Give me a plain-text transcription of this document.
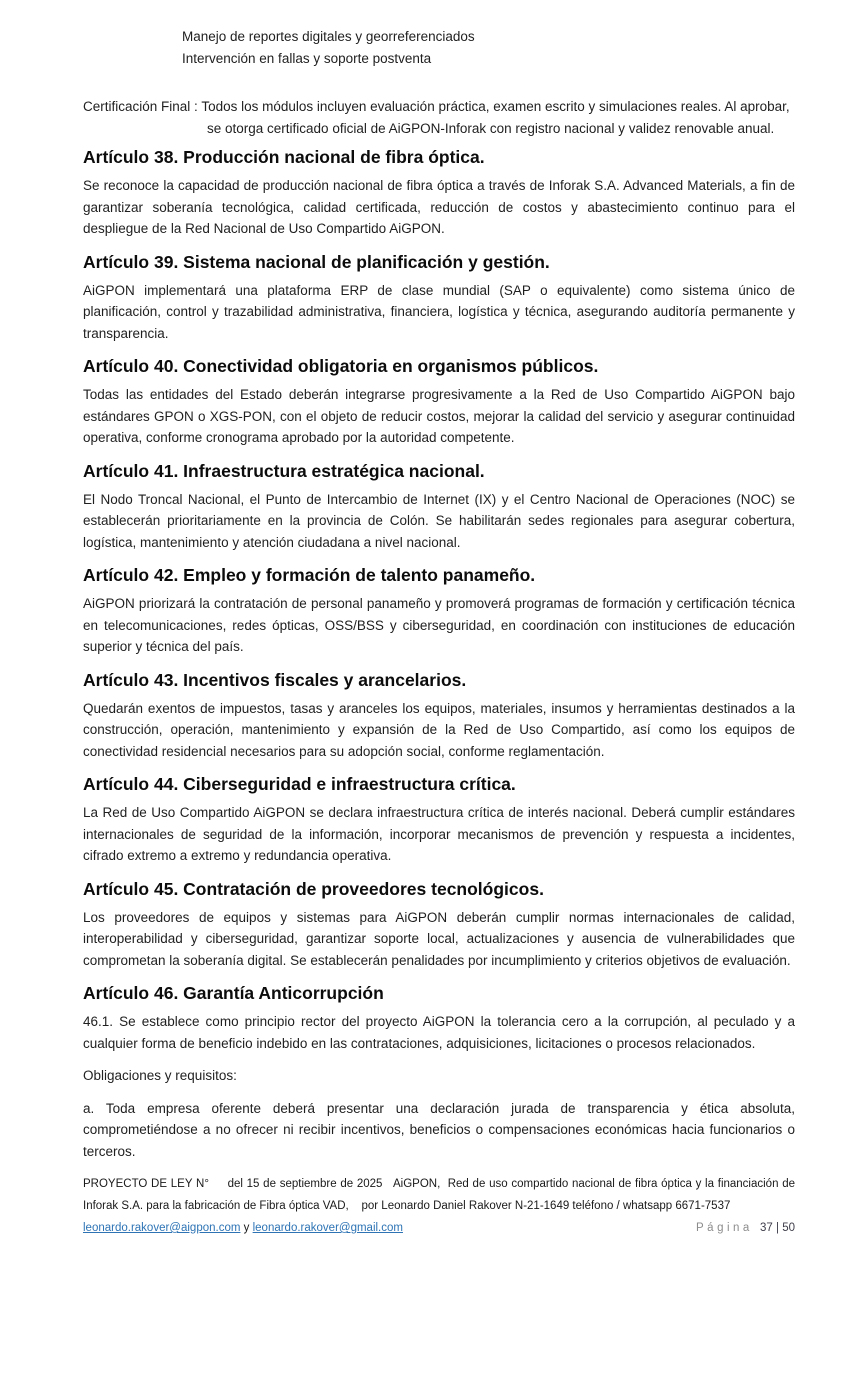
Manejo de reportes digitales y georreferenciados
Intervención en fallas y soporte postventa

Certificación Final : Todos los módulos incluyen evaluación práctica, examen escrito y simulaciones reales. Al aprobar, se otorga certificado oficial de AiGPON-Inforak con registro nacional y validez renovable anual.

Artículo 38. Producción nacional de fibra óptica.

Se reconoce la capacidad de producción nacional de fibra óptica a través de Inforak S.A. Advanced Materials, a fin de garantizar soberanía tecnológica, calidad certificada, reducción de costos y abastecimiento continuo para el despliegue de la Red Nacional de Uso Compartido AiGPON.

Artículo 39. Sistema nacional de planificación y gestión.

AiGPON implementará una plataforma ERP de clase mundial (SAP o equivalente) como sistema único de planificación, control y trazabilidad administrativa, financiera, logística y técnica, asegurando auditoría permanente y transparencia.

Artículo 40. Conectividad obligatoria en organismos públicos.

Todas las entidades del Estado deberán integrarse progresivamente a la Red de Uso Compartido AiGPON bajo estándares GPON o XGS-PON, con el objeto de reducir costos, mejorar la calidad del servicio y asegurar continuidad operativa, conforme cronograma aprobado por la autoridad competente.

Artículo 41. Infraestructura estratégica nacional.

El Nodo Troncal Nacional, el Punto de Intercambio de Internet (IX) y el Centro Nacional de Operaciones (NOC) se establecerán prioritariamente en la provincia de Colón. Se habilitarán sedes regionales para asegurar cobertura, logística, mantenimiento y atención ciudadana a nivel nacional.

Artículo 42. Empleo y formación de talento panameño.

AiGPON priorizará la contratación de personal panameño y promoverá programas de formación y certificación técnica en telecomunicaciones, redes ópticas, OSS/BSS y ciberseguridad, en coordinación con instituciones de educación superior y técnica del país.

Artículo 43. Incentivos fiscales y arancelarios.

Quedarán exentos de impuestos, tasas y aranceles los equipos, materiales, insumos y herramientas destinados a la construcción, operación, mantenimiento y expansión de la Red de Uso Compartido, así como los equipos de conectividad residencial necesarios para su adopción social, conforme reglamentación.

Artículo 44. Ciberseguridad e infraestructura crítica.

La Red de Uso Compartido AiGPON se declara infraestructura crítica de interés nacional. Deberá cumplir estándares internacionales de seguridad de la información, incorporar mecanismos de prevención y respuesta a incidentes, cifrado extremo a extremo y redundancia operativa.

Artículo 45. Contratación de proveedores tecnológicos.

Los proveedores de equipos y sistemas para AiGPON deberán cumplir normas internacionales de calidad, interoperabilidad y ciberseguridad, garantizar soporte local, actualizaciones y ausencia de vulnerabilidades que comprometan la soberanía digital. Se establecerán penalidades por incumplimiento y criterios objetivos de evaluación.

Artículo 46. Garantía Anticorrupción

46.1. Se establece como principio rector del proyecto AiGPON la tolerancia cero a la corrupción, al peculado y a cualquier forma de beneficio indebido en las contrataciones, adquisiciones, licitaciones o procesos relacionados.

Obligaciones y requisitos:

a. Toda empresa oferente deberá presentar una declaración jurada de transparencia y ética absoluta, comprometiéndose a no ofrecer ni recibir incentivos, beneficios o compensaciones económicas hacia funcionarios o terceros.

PROYECTO DE LEY N°     del 15 de septiembre de 2025   AiGPON,  Red de uso compartido nacional de fibra óptica y la financiación de Inforak S.A. para la fabricación de Fibra óptica VAD,    por Leonardo Daniel Rakover N-21-1649 teléfono / whatsapp 6671-7537

leonardo.rakover@aigpon.com y leonardo.rakover@gmail.com	Página 37 | 50
